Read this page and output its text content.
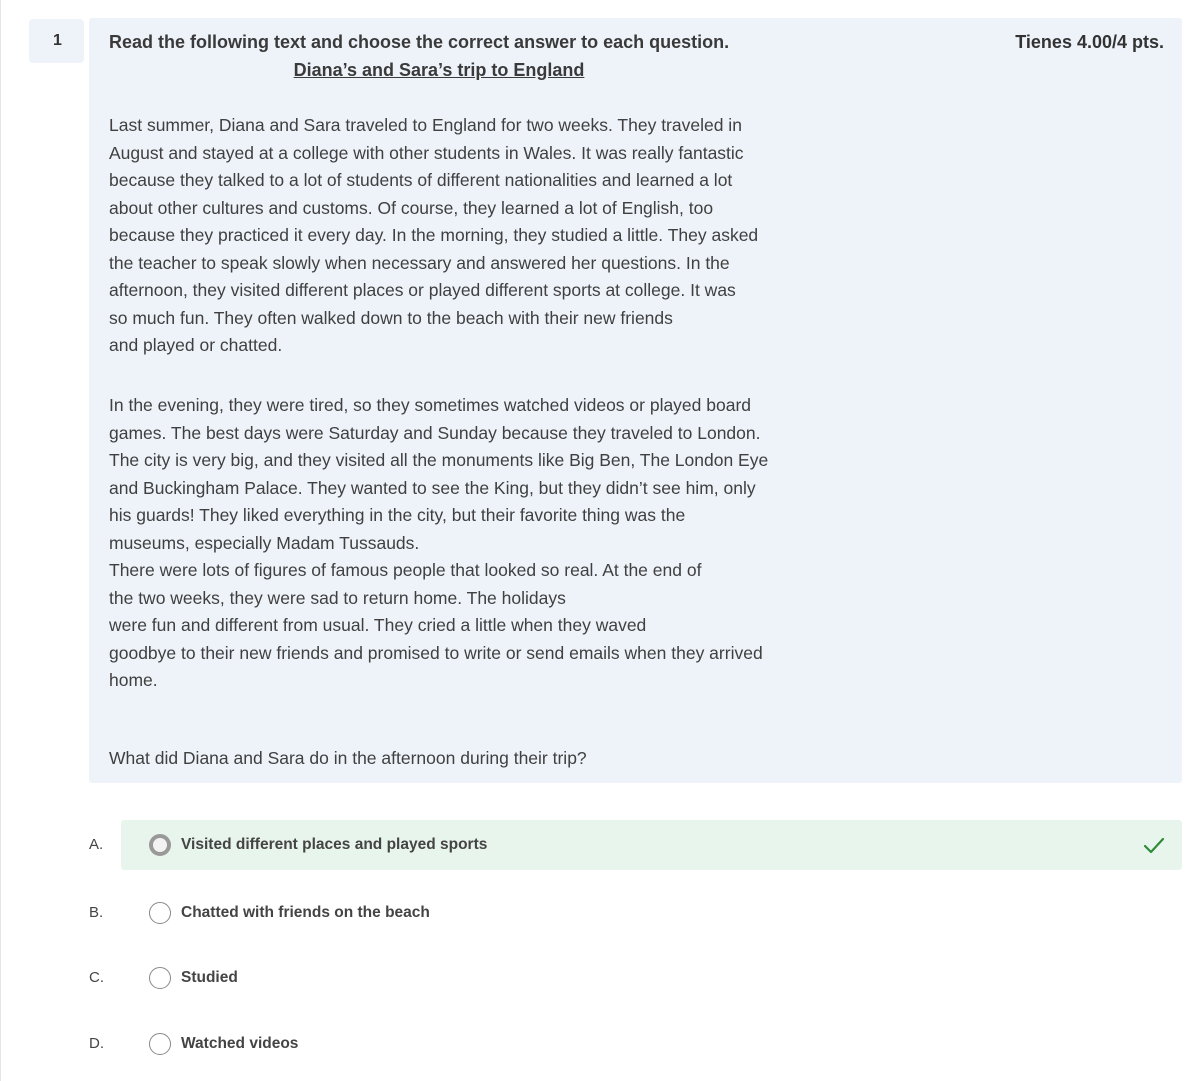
1	Read the following text and choose the correct answer to each question.	Tienes 4.00/4 pts.
Diana’s and Sara’s trip to England
Last summer, Diana and Sara traveled to England for two weeks. They traveled in
August and stayed at a college with other students in Wales. It was really fantastic
because they talked to a lot of students of different nationalities and learned a lot
about other cultures and customs. Of course, they learned a lot of English, too
because they practiced it every day. In the morning, they studied a little. They asked
the teacher to speak slowly when necessary and answered her questions. In the
afternoon, they visited different places or played different sports at college. It was
so much fun. They often walked down to the beach with their new friends
and played or chatted.
In the evening, they were tired, so they sometimes watched videos or played board
games. The best days were Saturday and Sunday because they traveled to London.
The city is very big, and they visited all the monuments like Big Ben, The London Eye
and Buckingham Palace. They wanted to see the King, but they didn’t see him, only
his guards! They liked everything in the city, but their favorite thing was the
museums, especially Madam Tussauds.
There were lots of figures of famous people that looked so real. At the end of
the two weeks, they were sad to return home. The holidays
were fun and different from usual. They cried a little when they waved
goodbye to their new friends and promised to write or send emails when they arrived
home.
What did Diana and Sara do in the afternoon during their trip?
A.	Visited different places and played sports
B.	Chatted with friends on the beach
C.	Studied
D.	Watched videos
